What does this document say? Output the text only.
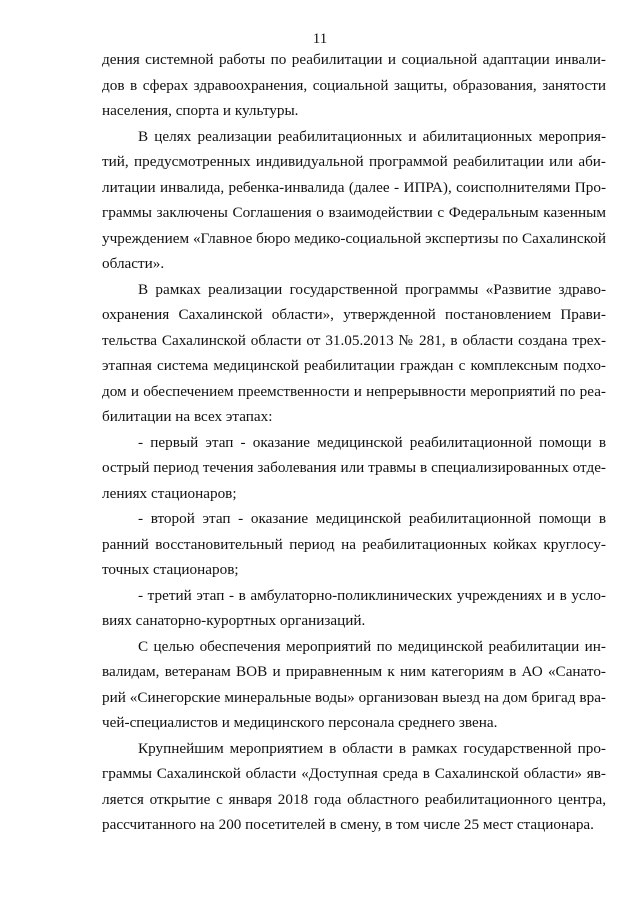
11
дения системной работы по реабилитации и социальной адаптации инвали-
дов в сферах здравоохранения, социальной защиты, образования, занятости
населения, спорта и культуры.
В целях реализации реабилитационных и абилитационных мероприя-
тий, предусмотренных индивидуальной программой реабилитации или аби-
литации инвалида, ребенка-инвалида (далее - ИПРА), соисполнителями Про-
граммы заключены Соглашения о взаимодействии с Федеральным казенным
учреждением «Главное бюро медико-социальной экспертизы по Сахалинской
области».
В рамках реализации государственной программы «Развитие здраво-
охранения Сахалинской области», утвержденной постановлением Прави-
тельства Сахалинской области от 31.05.2013 № 281, в области создана трех-
этапная система медицинской реабилитации граждан с комплексным подхо-
дом и обеспечением преемственности и непрерывности мероприятий по реа-
билитации на всех этапах:
- первый этап - оказание медицинской реабилитационной помощи в
острый период течения заболевания или травмы в специализированных отде-
лениях стационаров;
- второй этап - оказание медицинской реабилитационной помощи в
ранний восстановительный период на реабилитационных койках круглосу-
точных стационаров;
- третий этап - в амбулаторно-поликлинических учреждениях и в усло-
виях санаторно-курортных организаций.
С целью обеспечения мероприятий по медицинской реабилитации ин-
валидам, ветеранам ВОВ и приравненным к ним категориям в АО «Санато-
рий «Синегорские минеральные воды» организован выезд на дом бригад вра-
чей-специалистов и медицинского персонала среднего звена.
Крупнейшим мероприятием в области в рамках государственной про-
граммы Сахалинской области «Доступная среда в Сахалинской области» яв-
ляется открытие с января 2018 года областного реабилитационного центра,
рассчитанного на 200 посетителей в смену, в том числе 25 мест стационара.
